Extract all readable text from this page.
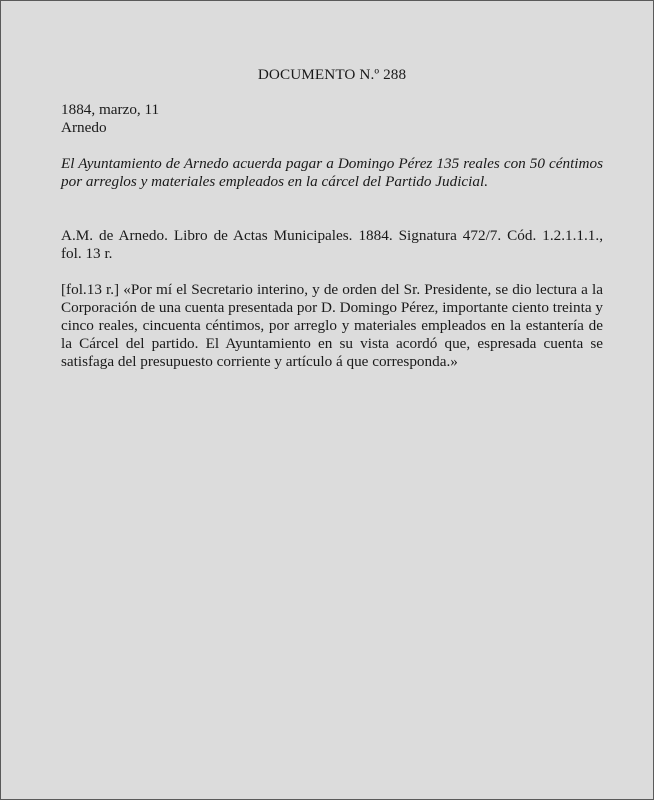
DOCUMENTO N.º 288

1884, marzo, 11
Arnedo

El Ayuntamiento de Arnedo acuerda pagar a Domingo Pérez 135 reales con 50 céntimos por arreglos y materiales empleados en la cárcel del Partido Judicial.

A.M. de Arnedo. Libro de Actas Municipales. 1884. Signatura 472/7. Cód. 1.2.1.1.1., fol. 13 r.

[fol.13 r.] «Por mí el Secretario interino, y de orden del Sr. Presidente, se dio lectura a la Corporación de una cuenta presentada por D. Domingo Pérez, importante ciento treinta y cinco reales, cincuenta céntimos, por arreglo y materiales empleados en la estantería de la Cárcel del partido. El Ayuntamiento en su vista acordó que, espresada cuenta se satisfaga del presupuesto corriente y artículo á que corresponda.»
